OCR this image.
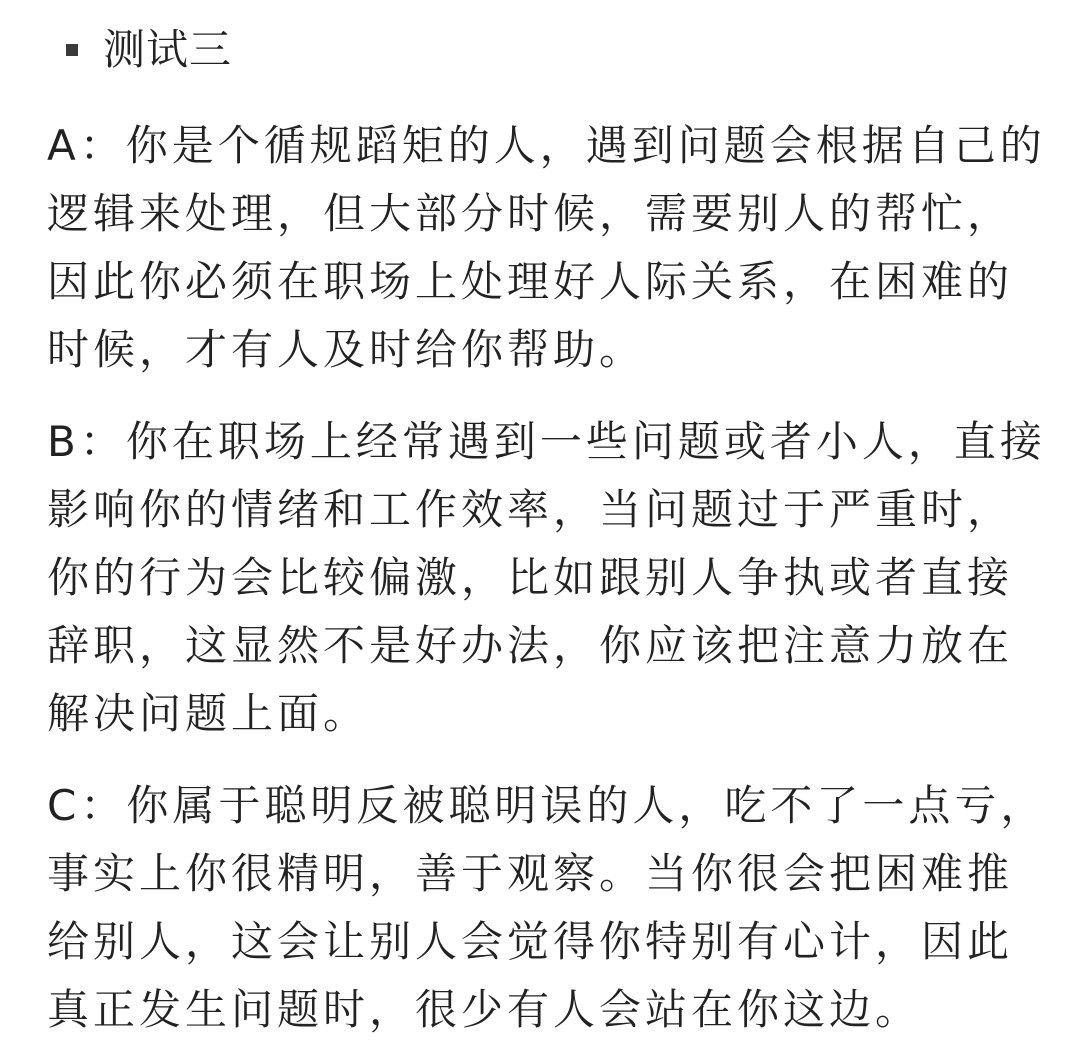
测试三

A：你是个循规蹈矩的人，遇到问题会根据自己的

逻辑来处理，但大部分时候，需要别人的帮忙，

因此你必须在职场上处理好人际关系，在困难的

时候，才有人及时给你帮助。

B：你在职场上经常遇到一些问题或者小人，直接

影响你的情绪和工作效率，当问题过于严重时，

你的行为会比较偏激，比如跟别人争执或者直接

辞职，这显然不是好办法，你应该把注意力放在

解决问题上面。

C：你属于聪明反被聪明误的人，吃不了一点亏，

事实上你很精明，善于观察。当你很会把困难推

给别人，这会让别人会觉得你特别有心计，因此

真正发生问题时，很少有人会站在你这边。
